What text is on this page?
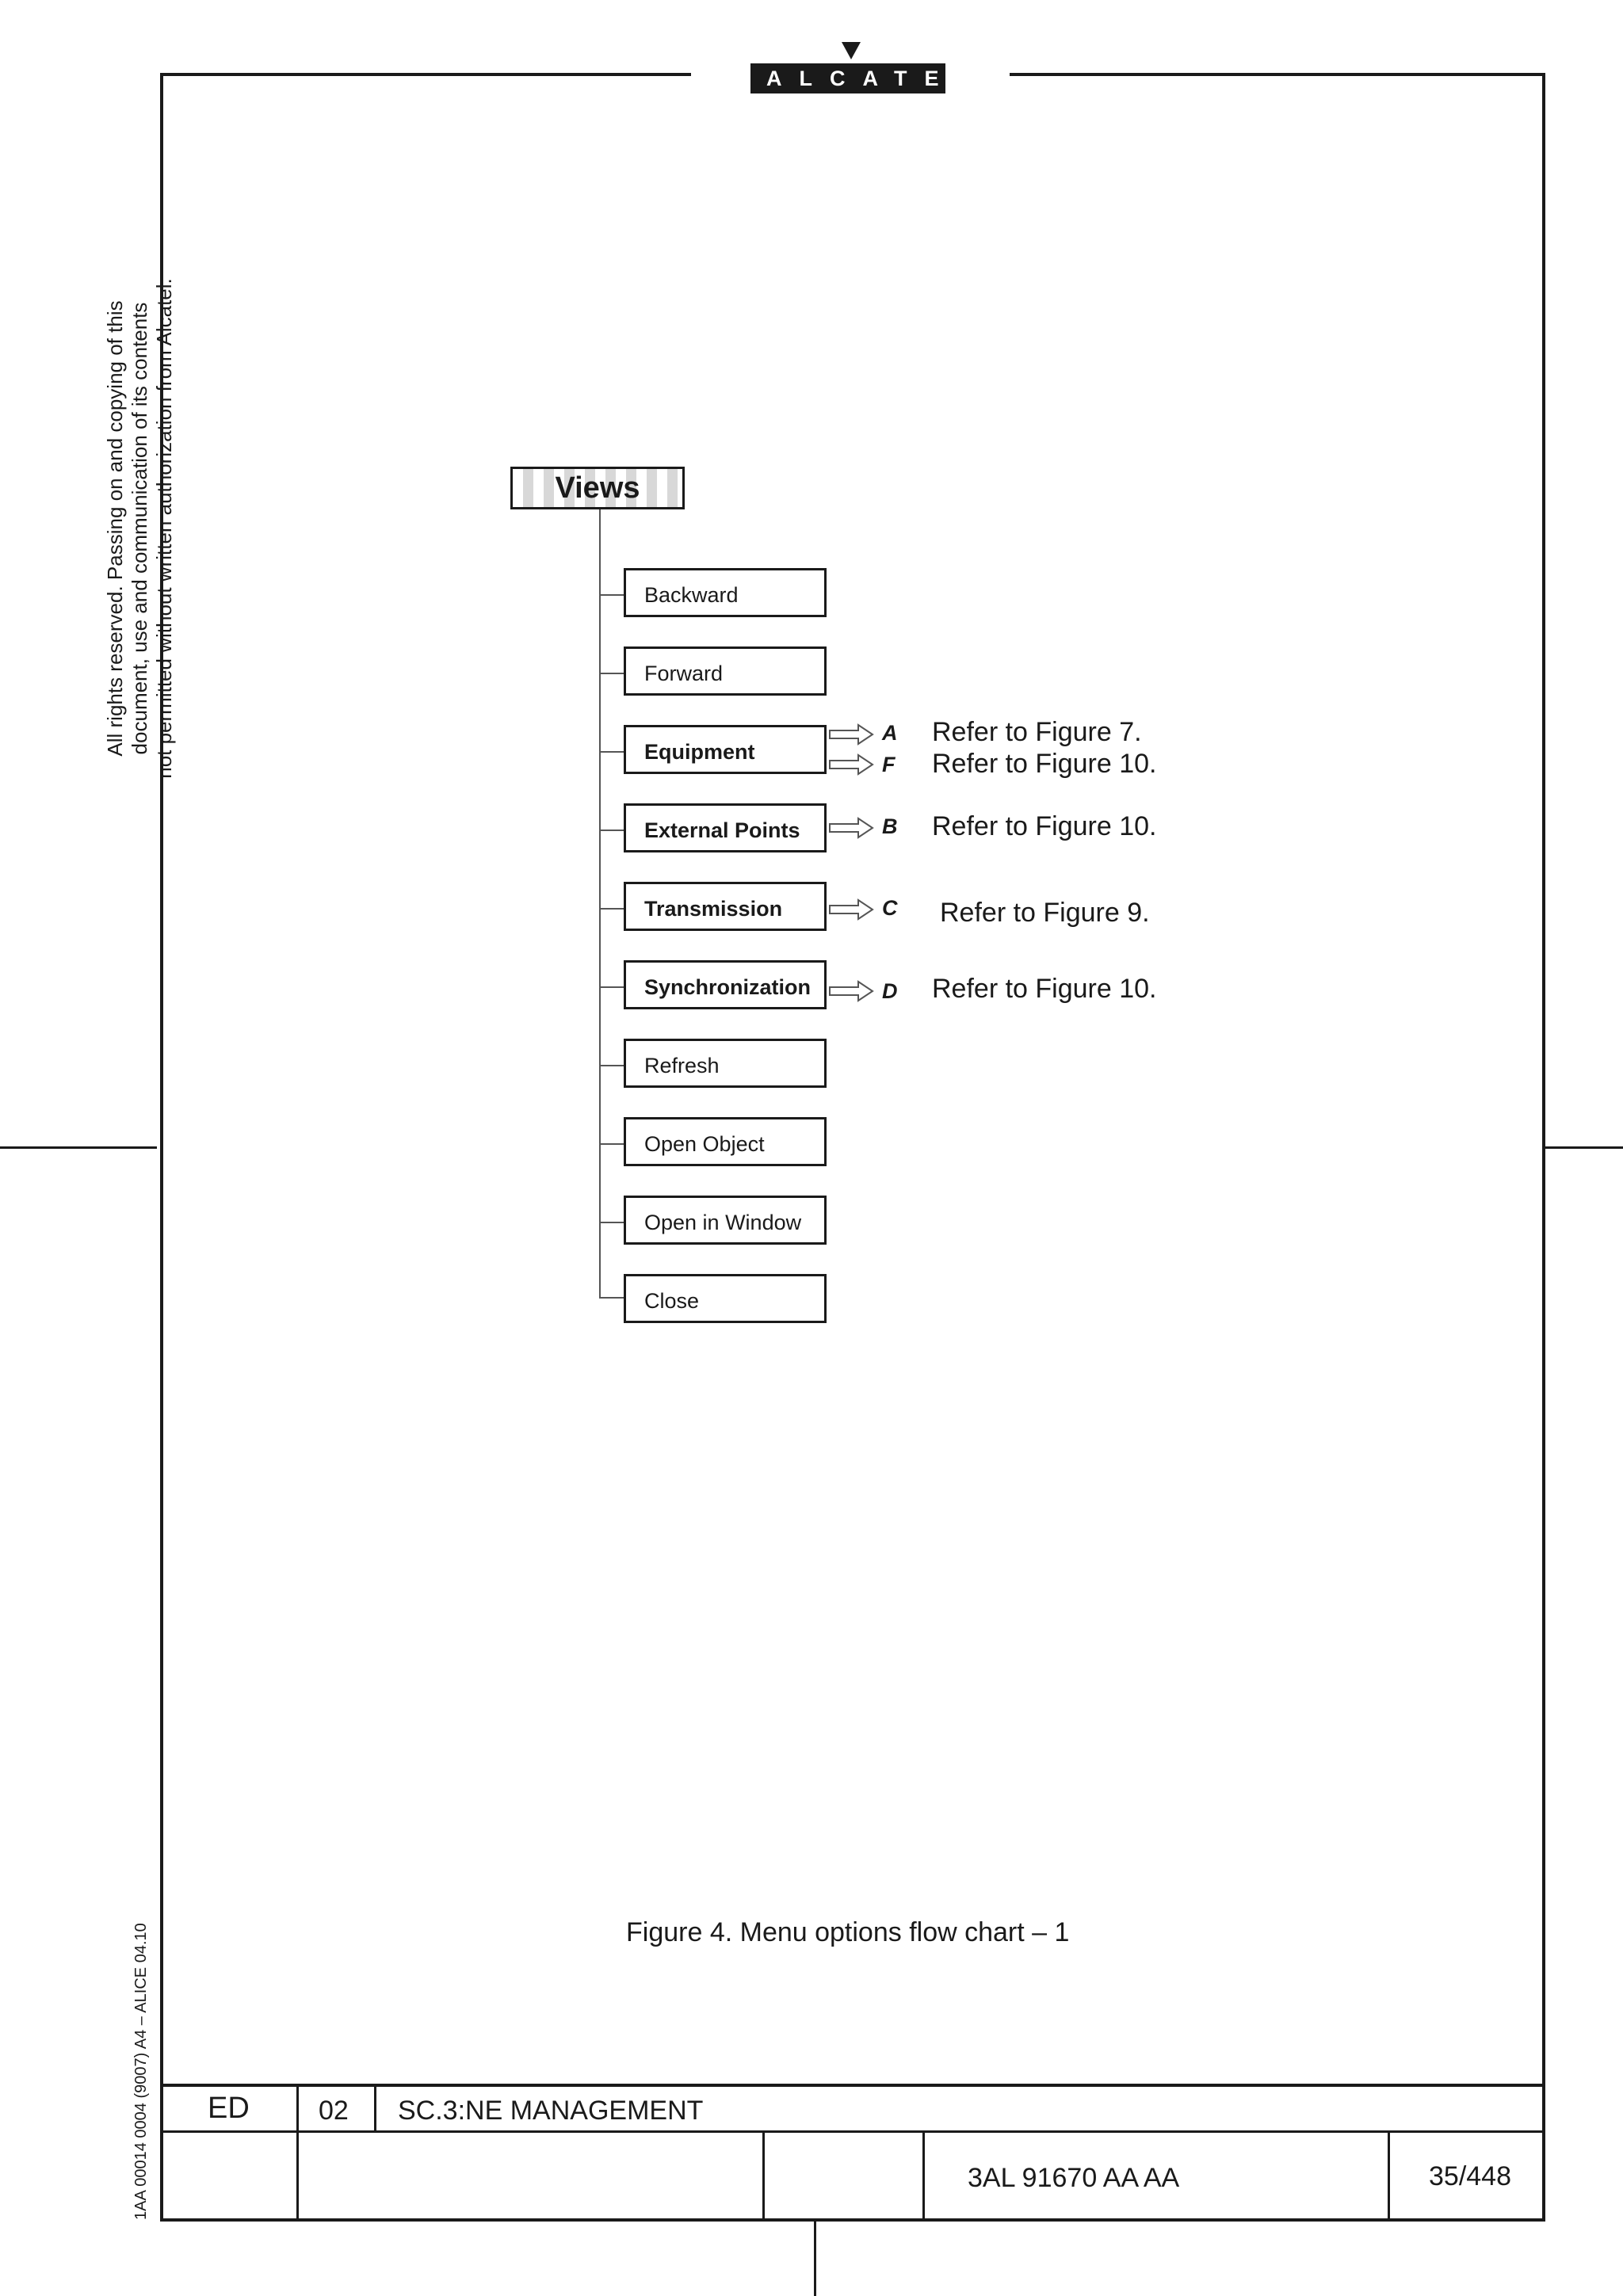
ALCATEL
All rights reserved. Passing on and copying of this document, use and communication of its contents not permitted without written authorization from Alcatel.
1AA 00014 0004 (9007) A4 – ALICE 04.10
Views
Backward
Forward
Equipment
External Points
Transmission
Synchronization
Refresh
Open Object
Open in Window
Close
A Refer to Figure 7.
F Refer to Figure 10.
B Refer to Figure 10.
C Refer to Figure 9.
D Refer to Figure 10.
Figure 4. Menu options flow chart – 1
ED	02 SC.3:NE MANAGEMENT
3AL 91670 AA AA	35/448
